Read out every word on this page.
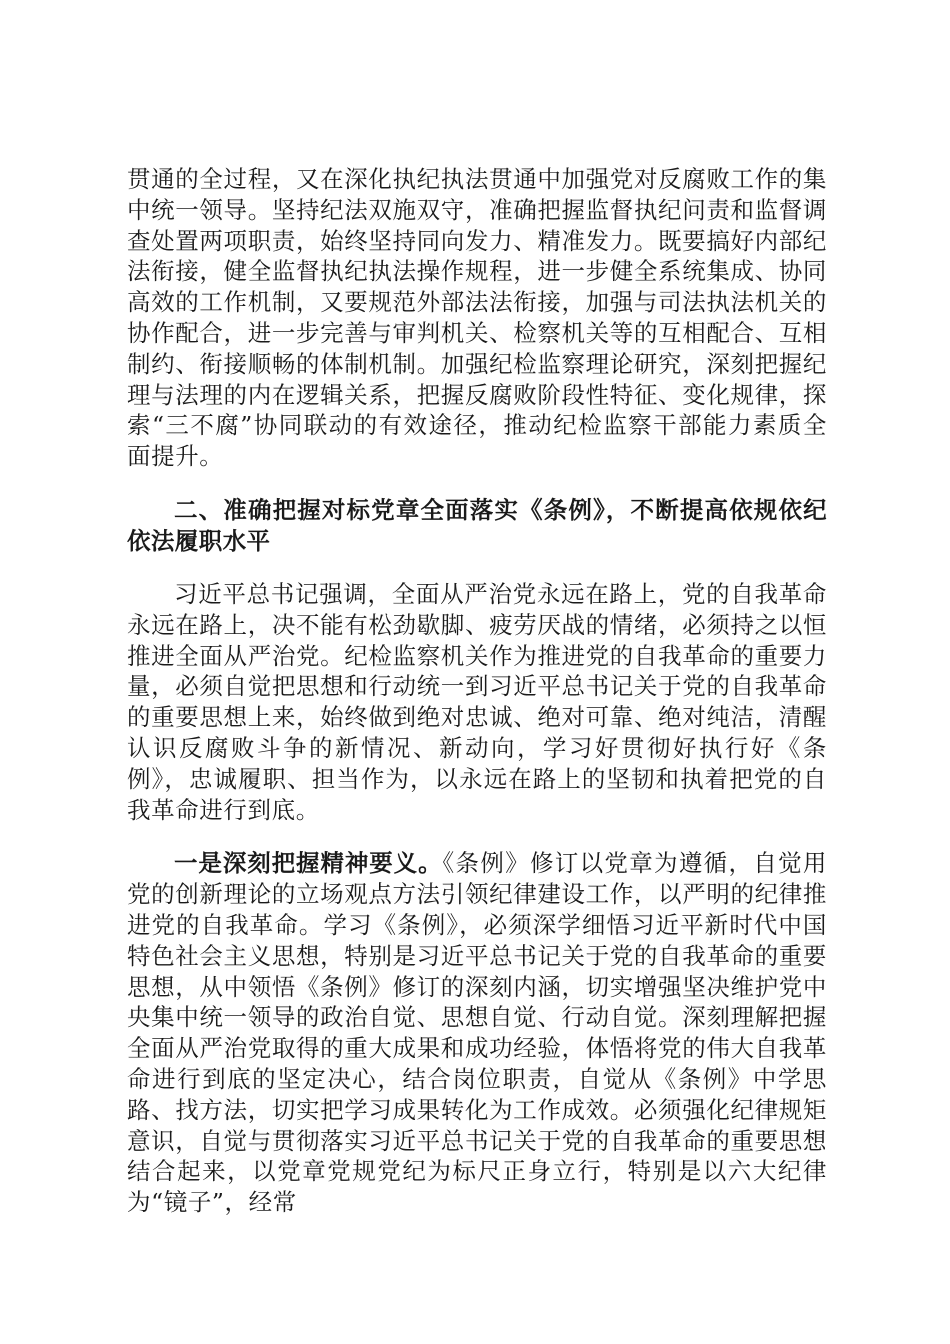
贯通的全过程，又在深化执纪执法贯通中加强党对反腐败工作的集中统一领导。坚持纪法双施双守，准确把握监督执纪问责和监督调查处置两项职责，始终坚持同向发力、精准发力。既要搞好内部纪法衔接，健全监督执纪执法操作规程，进一步健全系统集成、协同高效的工作机制，又要规范外部法法衔接，加强与司法执法机关的协作配合，进一步完善与审判机关、检察机关等的互相配合、互相制约、衔接顺畅的体制机制。加强纪检监察理论研究，深刻把握纪理与法理的内在逻辑关系，把握反腐败阶段性特征、变化规律，探索“三不腐”协同联动的有效途径，推动纪检监察干部能力素质全面提升。

二、准确把握对标党章全面落实《条例》，不断提高依规依纪依法履职水平

习近平总书记强调，全面从严治党永远在路上，党的自我革命永远在路上，决不能有松劲歇脚、疲劳厌战的情绪，必须持之以恒推进全面从严治党。纪检监察机关作为推进党的自我革命的重要力量，必须自觉把思想和行动统一到习近平总书记关于党的自我革命的重要思想上来，始终做到绝对忠诚、绝对可靠、绝对纯洁，清醒认识反腐败斗争的新情况、新动向，学习好贯彻好执行好《条例》，忠诚履职、担当作为，以永远在路上的坚韧和执着把党的自我革命进行到底。

一是深刻把握精神要义。《条例》修订以党章为遵循，自觉用党的创新理论的立场观点方法引领纪律建设工作，以严明的纪律推进党的自我革命。学习《条例》，必须深学细悟习近平新时代中国特色社会主义思想，特别是习近平总书记关于党的自我革命的重要思想，从中领悟《条例》修订的深刻内涵，切实增强坚决维护党中央集中统一领导的政治自觉、思想自觉、行动自觉。深刻理解把握全面从严治党取得的重大成果和成功经验，体悟将党的伟大自我革命进行到底的坚定决心，结合岗位职责，自觉从《条例》中学思路、找方法，切实把学习成果转化为工作成效。必须强化纪律规矩意识，自觉与贯彻落实习近平总书记关于党的自我革命的重要思想结合起来，以党章党规党纪为标尺正身立行，特别是以六大纪律为“镜子”，经常
